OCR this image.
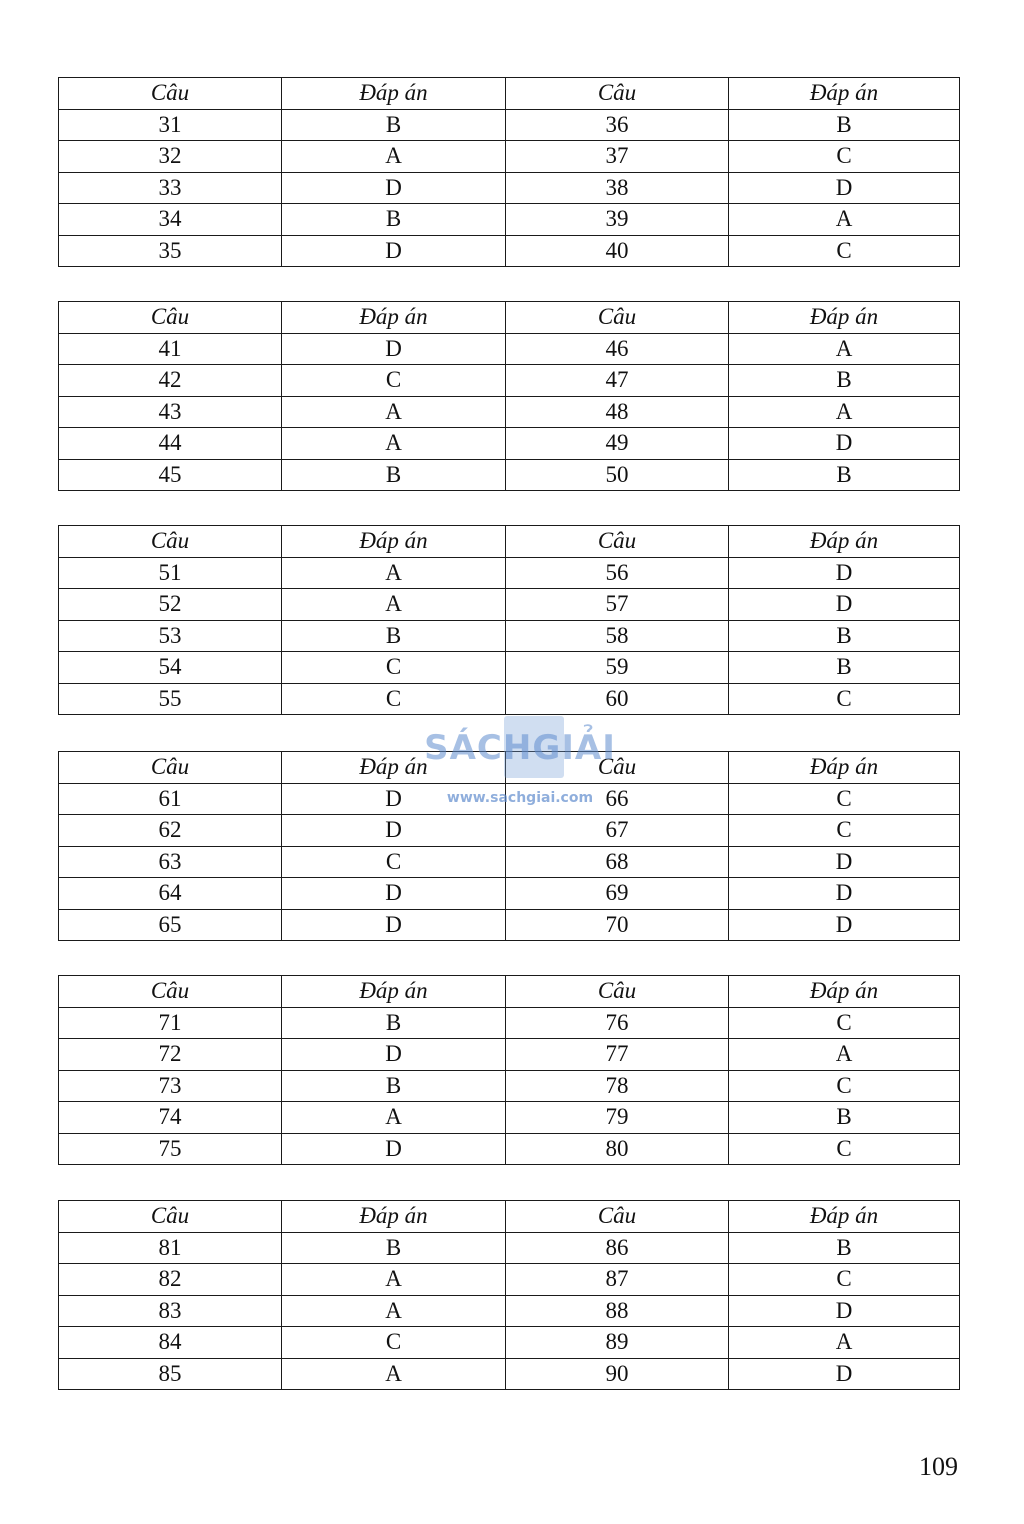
Câu	Đáp án	Câu	Đáp án
31	B	36	B
32	A	37	C
33	D	38	D
34	B	39	A
35	D	40	C
Câu	Đáp án	Câu	Đáp án
41	D	46	A
42	C	47	B
43	A	48	A
44	A	49	D
45	B	50	B
Câu	Đáp án	Câu	Đáp án
51	A	56	D
52	A	57	D
53	B	58	B
54	C	59	B
55	C	60	C
Câu	Đáp án	Câu	Đáp án
61	D	66	C
62	D	67	C
63	C	68	D
64	D	69	D
65	D	70	D
Câu	Đáp án	Câu	Đáp án
71	B	76	C
72	D	77	A
73	B	78	C
74	A	79	B
75	D	80	C
Câu	Đáp án	Câu	Đáp án
81	B	86	B
82	A	87	C
83	A	88	D
84	C	89	A
85	A	90	D
SÁCHGIẢI
www.sachgiai.com
109
